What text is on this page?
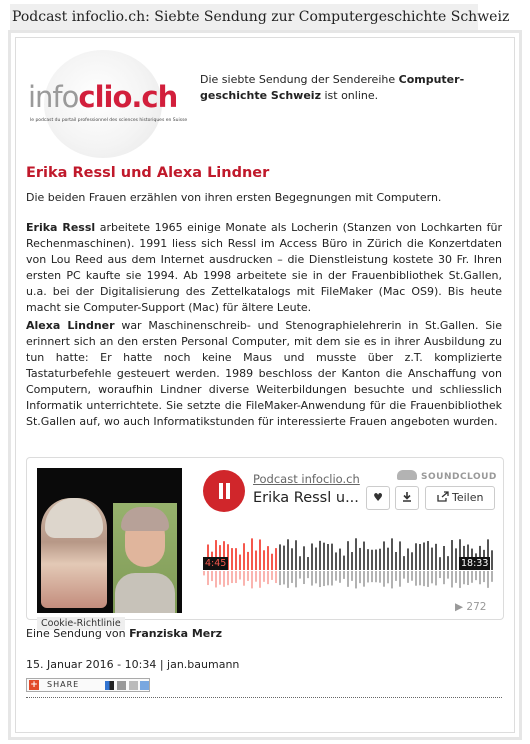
Podcast infoclio.ch: Siebte Sendung zur Computergeschichte Schweiz
infoclio.ch
le podcast du portail professionnel des sciences historiques en Suisse
Die siebte Sendung der Sendereihe Computergeschichte Schweiz ist online.
Erika Ressl und Alexa Lindner

Die beiden Frauen erzählen von ihren ersten Begegnungen mit Computern.

Erika Ressl arbeitete 1965 einige Monate als Locherin (Stanzen von Lochkarten für Rechenmaschinen). 1991 liess sich Ressl im Access Büro in Zürich die Konzertdaten von Lou Reed aus dem Internet ausdrucken – die Dienstleistung kostete 30 Fr. Ihren ersten PC kaufte sie 1994. Ab 1998 arbeitete sie in der Frauenbibliothek St.Gallen, u.a. bei der Digitalisierung des Zettelkatalogs mit FileMaker (Mac OS9). Bis heute macht sie Computer-Support (Mac) für ältere Leute.

Alexa Lindner war Maschinenschreib- und Stenographielehrerin in St.Gallen. Sie erinnert sich an den ersten Personal Computer, mit dem sie es in ihrer Ausbildung zu tun hatte: Er hatte noch keine Maus und musste über z.T. komplizierte Tastaturbefehle gesteuert werden. 1989 beschloss der Kanton die Anschaffung von Computern, woraufhin Lindner diverse Weiterbildungen besuchte und schliesslich Informatik unterrichtete. Sie setzte die FileMaker-Anwendung für die Frauenbibliothek St.Gallen auf, wo auch Informatikstunden für interessierte Frauen angeboten wurden.

Cookie-Richtlinie
Podcast infoclio.ch
Erika Ressl u...
SOUNDCLOUD
♥	Teilen
4:45	18:33
▶ 272
Eine Sendung von Franziska Merz
15. Januar 2016 - 10:34 | jan.baumann
+ SHARE
